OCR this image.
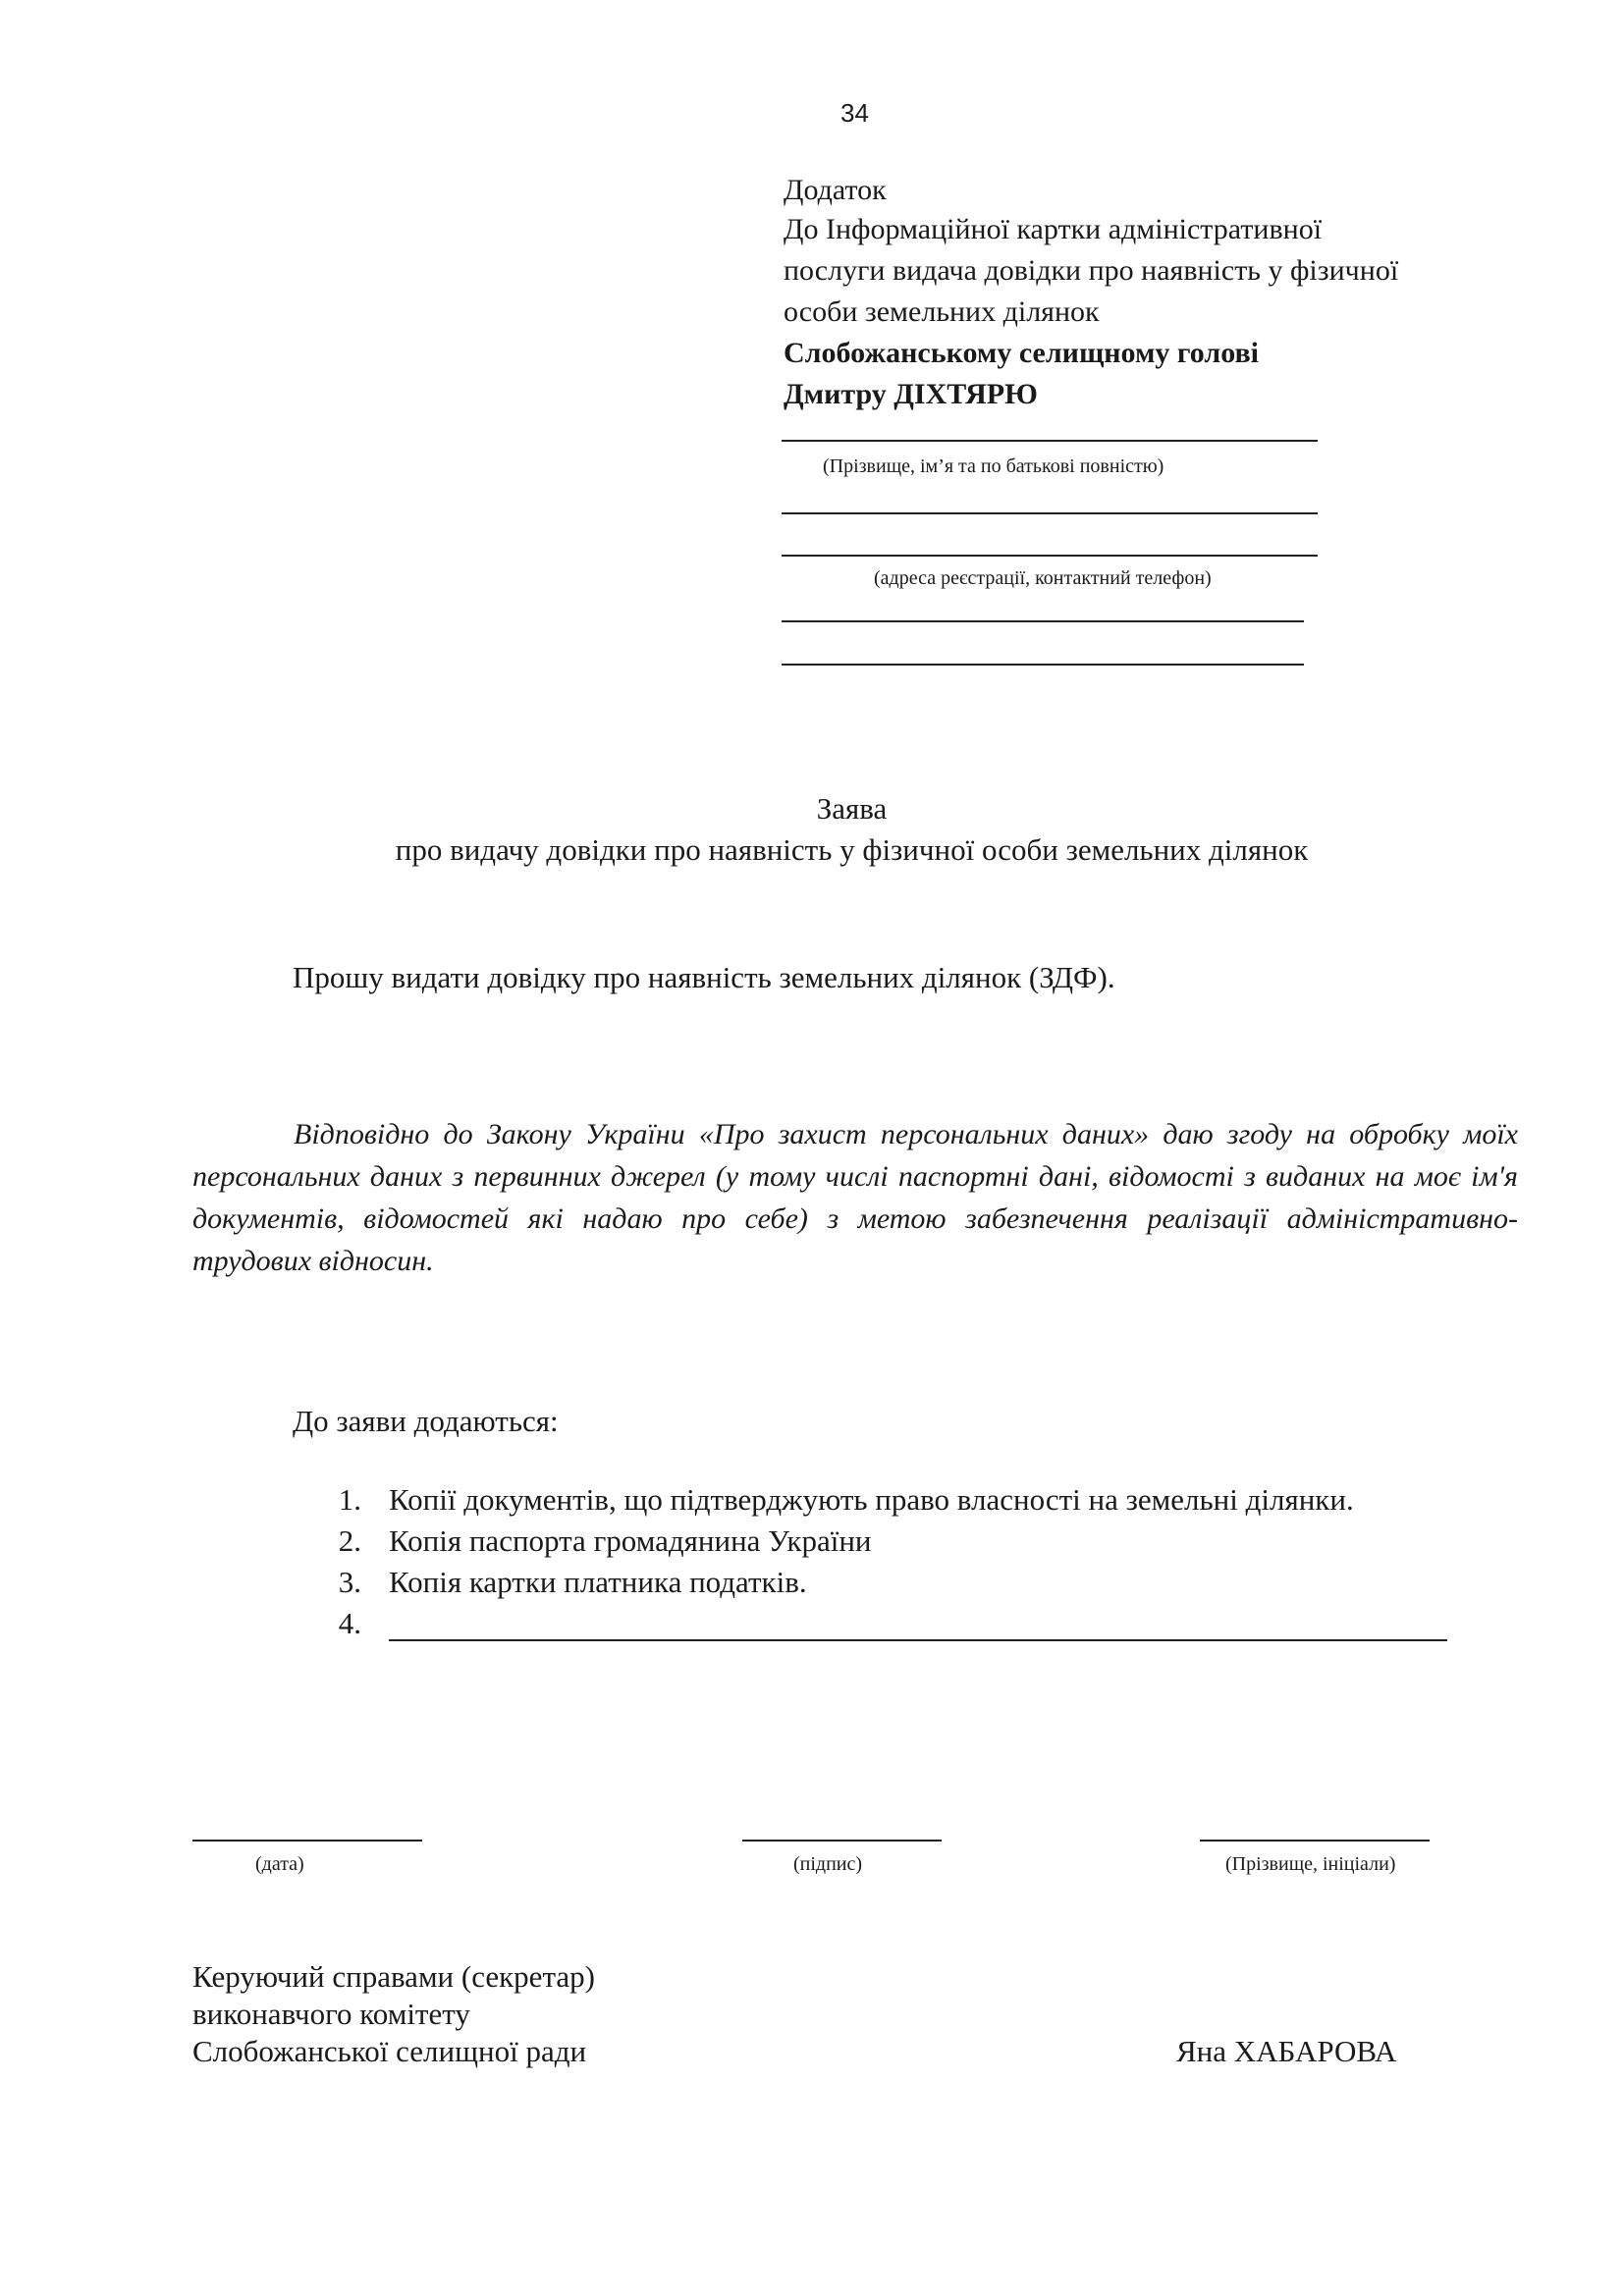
34
Додаток
До Інформаційної картки адміністративної
послуги видача довідки про наявність у фізичної
особи земельних ділянок
Слобожанському селищному голові
Дмитру ДІХТЯРЮ
(Прізвище, ім’я та по батькові повністю)
(адреса реєстрації, контактний телефон)
Заява
про видачу довідки про наявність у фізичної особи земельних ділянок
Прошу видати довідку про наявність земельних ділянок (ЗДФ).
Відповідно до Закону України «Про захист персональних даних» даю згоду на обробку моїх персональних даних з первинних джерел (у тому числі паспортні дані, відомості з виданих на моє ім'я документів, відомостей які надаю про себе) з метою забезпечення реалізації адміністративно-трудових відносин.
До заяви додаються:
1. Копії документів, що підтверджують право власності на земельні ділянки.
2. Копія паспорта громадянина України
3. Копія картки платника податків.
4.
(дата)	(підпис)	(Прізвище, ініціали)
Керуючий справами (секретар)
виконавчого комітету
Слобожанської селищної ради	Яна ХАБАРОВА
